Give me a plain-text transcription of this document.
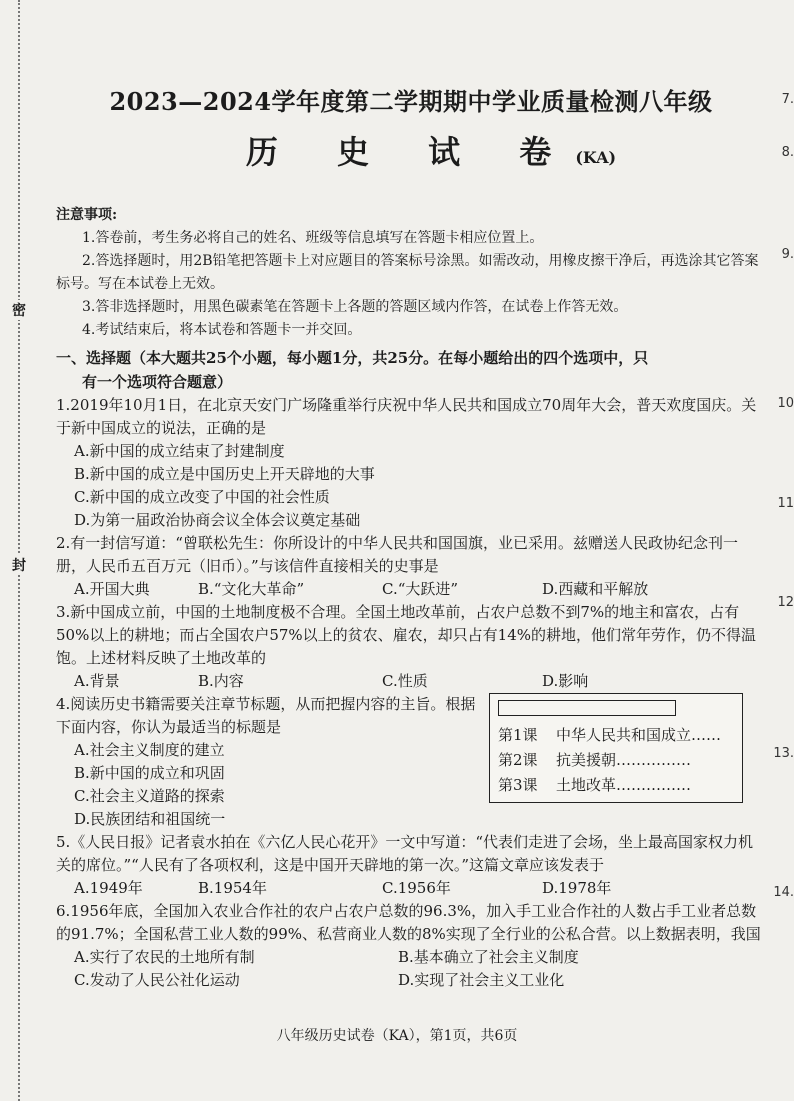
密
封
7.
8.
9.
10
11
12
13.
14.
2023—2024学年度第二学期期中学业质量检测八年级
历 史 试 卷(KA)
注意事项:
1.答卷前，考生务必将自己的姓名、班级等信息填写在答题卡相应位置上。
2.答选择题时，用2B铅笔把答题卡上对应题目的答案标号涂黑。如需改动，用橡皮擦干净后，再选涂其它答案标号。写在本试卷上无效。
3.答非选择题时，用黑色碳素笔在答题卡上各题的答题区域内作答，在试卷上作答无效。
4.考试结束后，将本试卷和答题卡一并交回。
一、选择题（本大题共25个小题，每小题1分，共25分。在每小题给出的四个选项中，只
有一个选项符合题意）
1.2019年10月1日，在北京天安门广场隆重举行庆祝中华人民共和国成立70周年大会，普天欢度国庆。关于新中国成立的说法，正确的是
A.新中国的成立结束了封建制度
B.新中国的成立是中国历史上开天辟地的大事
C.新中国的成立改变了中国的社会性质
D.为第一届政治协商会议全体会议奠定基础
2.有一封信写道：“曾联松先生：你所设计的中华人民共和国国旗，业已采用。兹赠送人民政协纪念刊一册，人民币五百万元（旧币）。”与该信件直接相关的史事是
A.开国大典	B.“文化大革命”	C.“大跃进”	D.西藏和平解放
3.新中国成立前，中国的土地制度极不合理。全国土地改革前，占农户总数不到7%的地主和富农，占有50%以上的耕地；而占全国农户57%以上的贫农、雇农，却只占有14%的耕地，他们常年劳作，仍不得温饱。上述材料反映了土地改革的
A.背景	B.内容	C.性质	D.影响
4.阅读历史书籍需要关注章节标题，从而把握内容的主旨。根据下面内容，你认为最适当的标题是
A.社会主义制度的建立
B.新中国的成立和巩固
C.社会主义道路的探索
D.民族团结和祖国统一
第1课 中华人民共和国成立……
第2课 抗美援朝……………
第3课 土地改革……………
5.《人民日报》记者袁水拍在《六亿人民心花开》一文中写道：“代表们走进了会场，坐上最高国家权力机关的席位。”“人民有了各项权利，这是中国开天辟地的第一次。”这篇文章应该发表于
A.1949年	B.1954年	C.1956年	D.1978年
6.1956年底，全国加入农业合作社的农户占农户总数的96.3%，加入手工业合作社的人数占手工业者总数的91.7%；全国私营工业人数的99%、私营商业人数的8%实现了全行业的公私合营。以上数据表明，我国
A.实行了农民的土地所有制	B.基本确立了社会主义制度
C.发动了人民公社化运动	D.实现了社会主义工业化
八年级历史试卷（KA），第1页，共6页
